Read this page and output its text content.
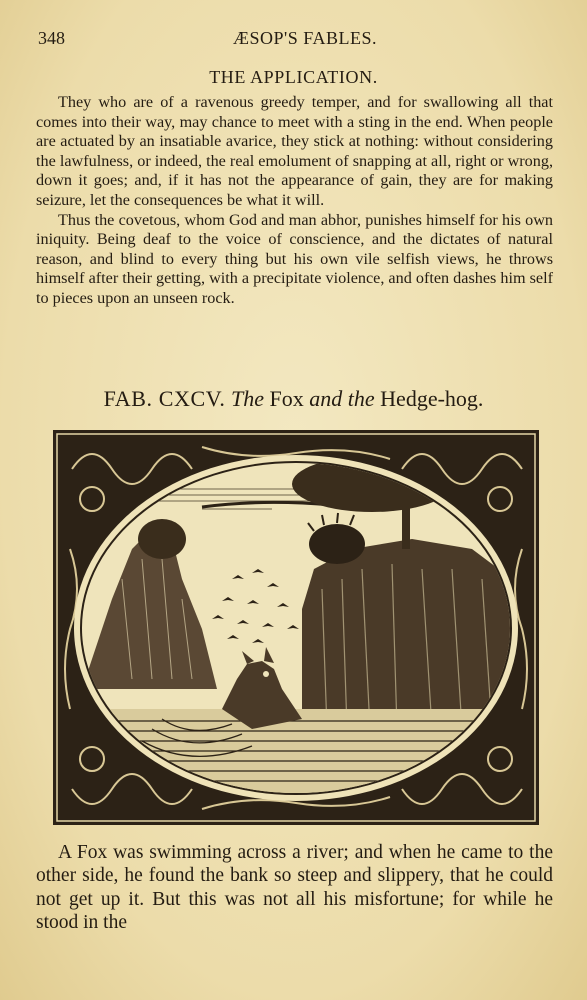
348	ÆSOP'S FABLES.
THE APPLICATION.

They who are of a ravenous greedy temper, and for swallowing all that comes into their way, may chance to meet with a sting in the end. When people are actuated by an insatiable avarice, they stick at nothing: without considering the lawfulness, or indeed, the real emolument of snapping at all, right or wrong, down it goes; and, if it has not the appearance of gain, they are for making seizure, let the consequences be what it will.

Thus the covetous, whom God and man abhor, punishes himself for his own iniquity. Being deaf to the voice of conscience, and the dictates of natural reason, and blind to every thing but his own vile selfish views, he throws himself after their getting, with a precipitate violence, and often dashes him self to pieces upon an unseen rock.

FAB. CXCV. The Fox and the Hedge-hog.

A Fox was swimming across a river; and when he came to the other side, he found the bank so steep and slippery, that he could not get up it. But this was not all his misfortune; for while he stood in the
